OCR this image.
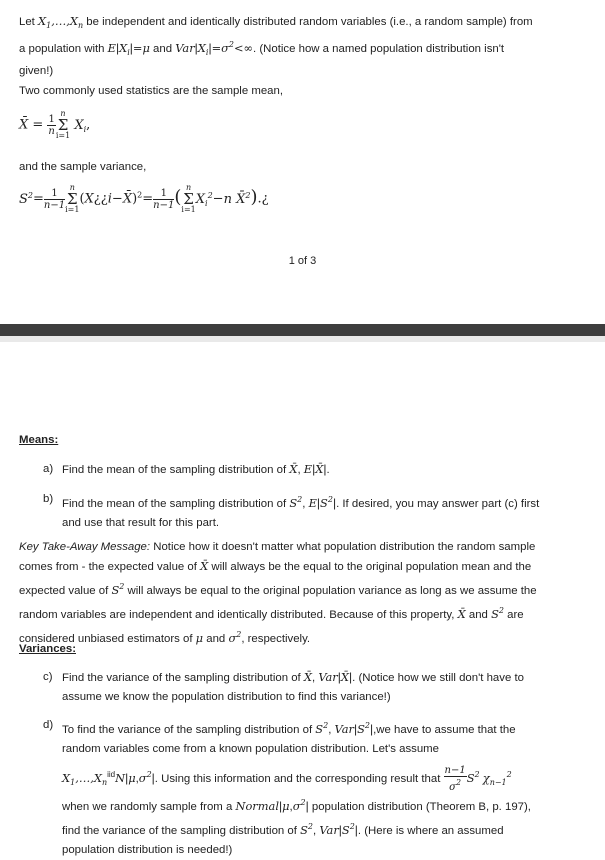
Let $X_1,\dots,X_n$ be independent and identically distributed random variables (i.e., a random sample) from
a population with $E|X_i|=\mu$ and $Var|X_i|=\sigma^2<\infty$. (Notice how a named population distribution isn't
given!)
Two commonly used statistics are the sample mean,
X̄ = $\frac{1}{n}$ n
Σ
i=1 $X_i$,
and the sample variance,
$S^2= \frac{1}{n-1}$ n
Σ
i=1(X¿¿i−X̄)$^2$= $\frac{1}{n-1}$ ( n
Σ
$i=1X_i^2-n$ X̄$^2$).¿
1 of 3
Means:
a) Find the mean of the sampling distribution of X̄, E|X̄|.
b) Find the mean of the sampling distribution of $S^2$, $E|S^2|$. If desired, you may answer part (c) first
and use that result for this part.
Key Take-Away Message: Notice how it doesn't matter what population distribution the random sample
comes from - the expected value of X̄ will always be the equal to the original population mean and the
expected value of $S^2$ will always be equal to the original population variance as long as we assume the
random variables are independent and identically distributed. Because of this property, X̄ and $S^2$ are
considered unbiased estimators of μ and $\sigma^2$, respectively.
Variances:
c) Find the variance of the sampling distribution of X̄, Var|X̄|. (Notice how we still don't have to
assume we know the population distribution to find this variance!)
d) To find the variance of the sampling distribution of $S^2$, $Var|S^2|,we$ have to assume that the
random variables come from a known population distribution. Let's assume
$X_1,\dots,X_n^{iid}N|\mu,\sigma^2|$. Using this information and the corresponding result that $\frac{n-1}{\sigma^2} S^2$ $\chi_{n-1}^2$
when we randomly sample from a $Normal|\mu,\sigma^2|$ population distribution (Theorem B, p. 197),
find the variance of the sampling distribution of $S^2$, $Var|S^2|$. (Here is where an assumed
population distribution is needed!)
